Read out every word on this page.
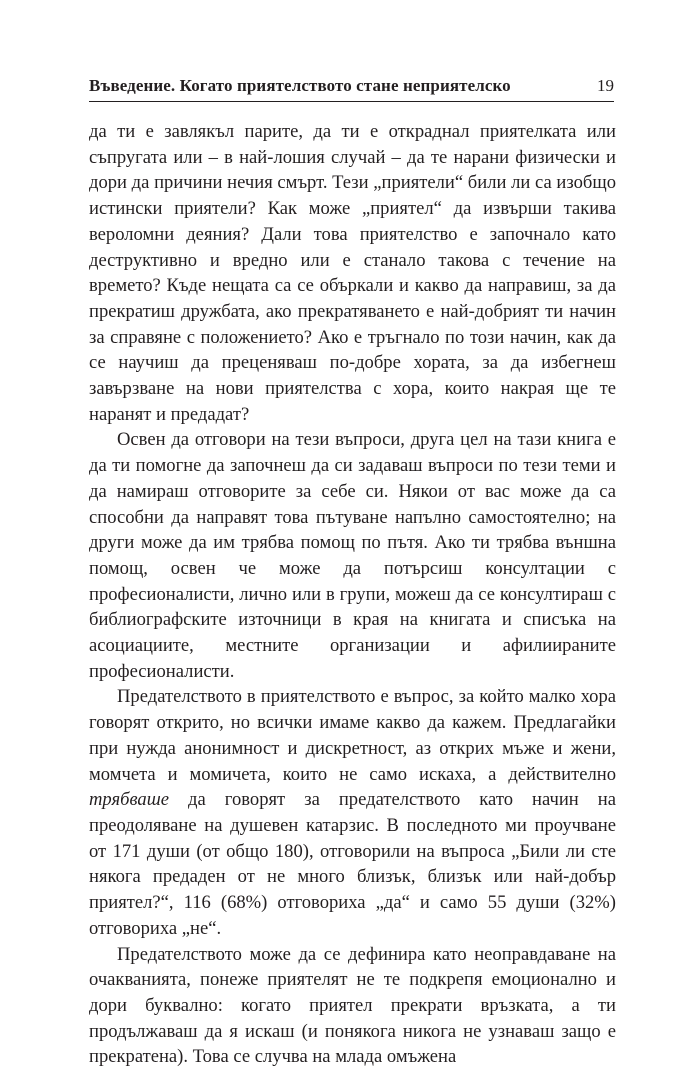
Въведение. Когато приятелството стане неприятелско	19

да ти е завлякъл парите, да ти е откраднал приятелката или съпругата или – в най-лошия случай – да те нарани физически и дори да причини нечия смърт. Тези „приятели“ били ли са изобщо истински приятели? Как може „приятел“ да извърши такива вероломни деяния? Дали това приятелство е започнало като деструктивно и вредно или е станало такова с течение на времето? Къде нещата са се объркали и какво да направиш, за да прекратиш дружбата, ако прекратяването е най-добрият ти начин за справяне с положението? Ако е тръгнало по този начин, как да се научиш да преценяваш по-добре хората, за да избегнеш завързване на нови приятелства с хора, които накрая ще те наранят и предадат?

Освен да отговори на тези въпроси, друга цел на тази книга е да ти помогне да започнеш да си задаваш въпроси по тези теми и да намираш отговорите за себе си. Някои от вас може да са способни да направят това пътуване напълно самостоятелно; на други може да им трябва помощ по пътя. Ако ти трябва външна помощ, освен че може да потърсиш консултации с професионалисти, лично или в групи, можеш да се консултираш с библиографските източници в края на книгата и списъка на асоциациите, местните организации и афилиираните професионалисти.

Предателството в приятелството е въпрос, за който малко хора говорят открито, но всички имаме какво да кажем. Предлагайки при нужда анонимност и дискретност, аз открих мъже и жени, момчета и момичета, които не само искаха, а действително трябваше да говорят за предателството като начин на преодоляване на душевен катарзис. В последното ми проучване от 171 души (от общо 180), отговорили на въпроса „Били ли сте някога предаден от не много близък, близък или най-добър приятел?“, 116 (68%) отговориха „да“ и само 55 души (32%) отговориха „не“.

Предателството може да се дефинира като неоправдаване на очакванията, понеже приятелят не те подкрепя емоционално и дори буквално: когато приятел прекрати връзката, а ти продължаваш да я искаш (и понякога никога не узнаваш защо е прекратена). Това се случва на млада омъжена
